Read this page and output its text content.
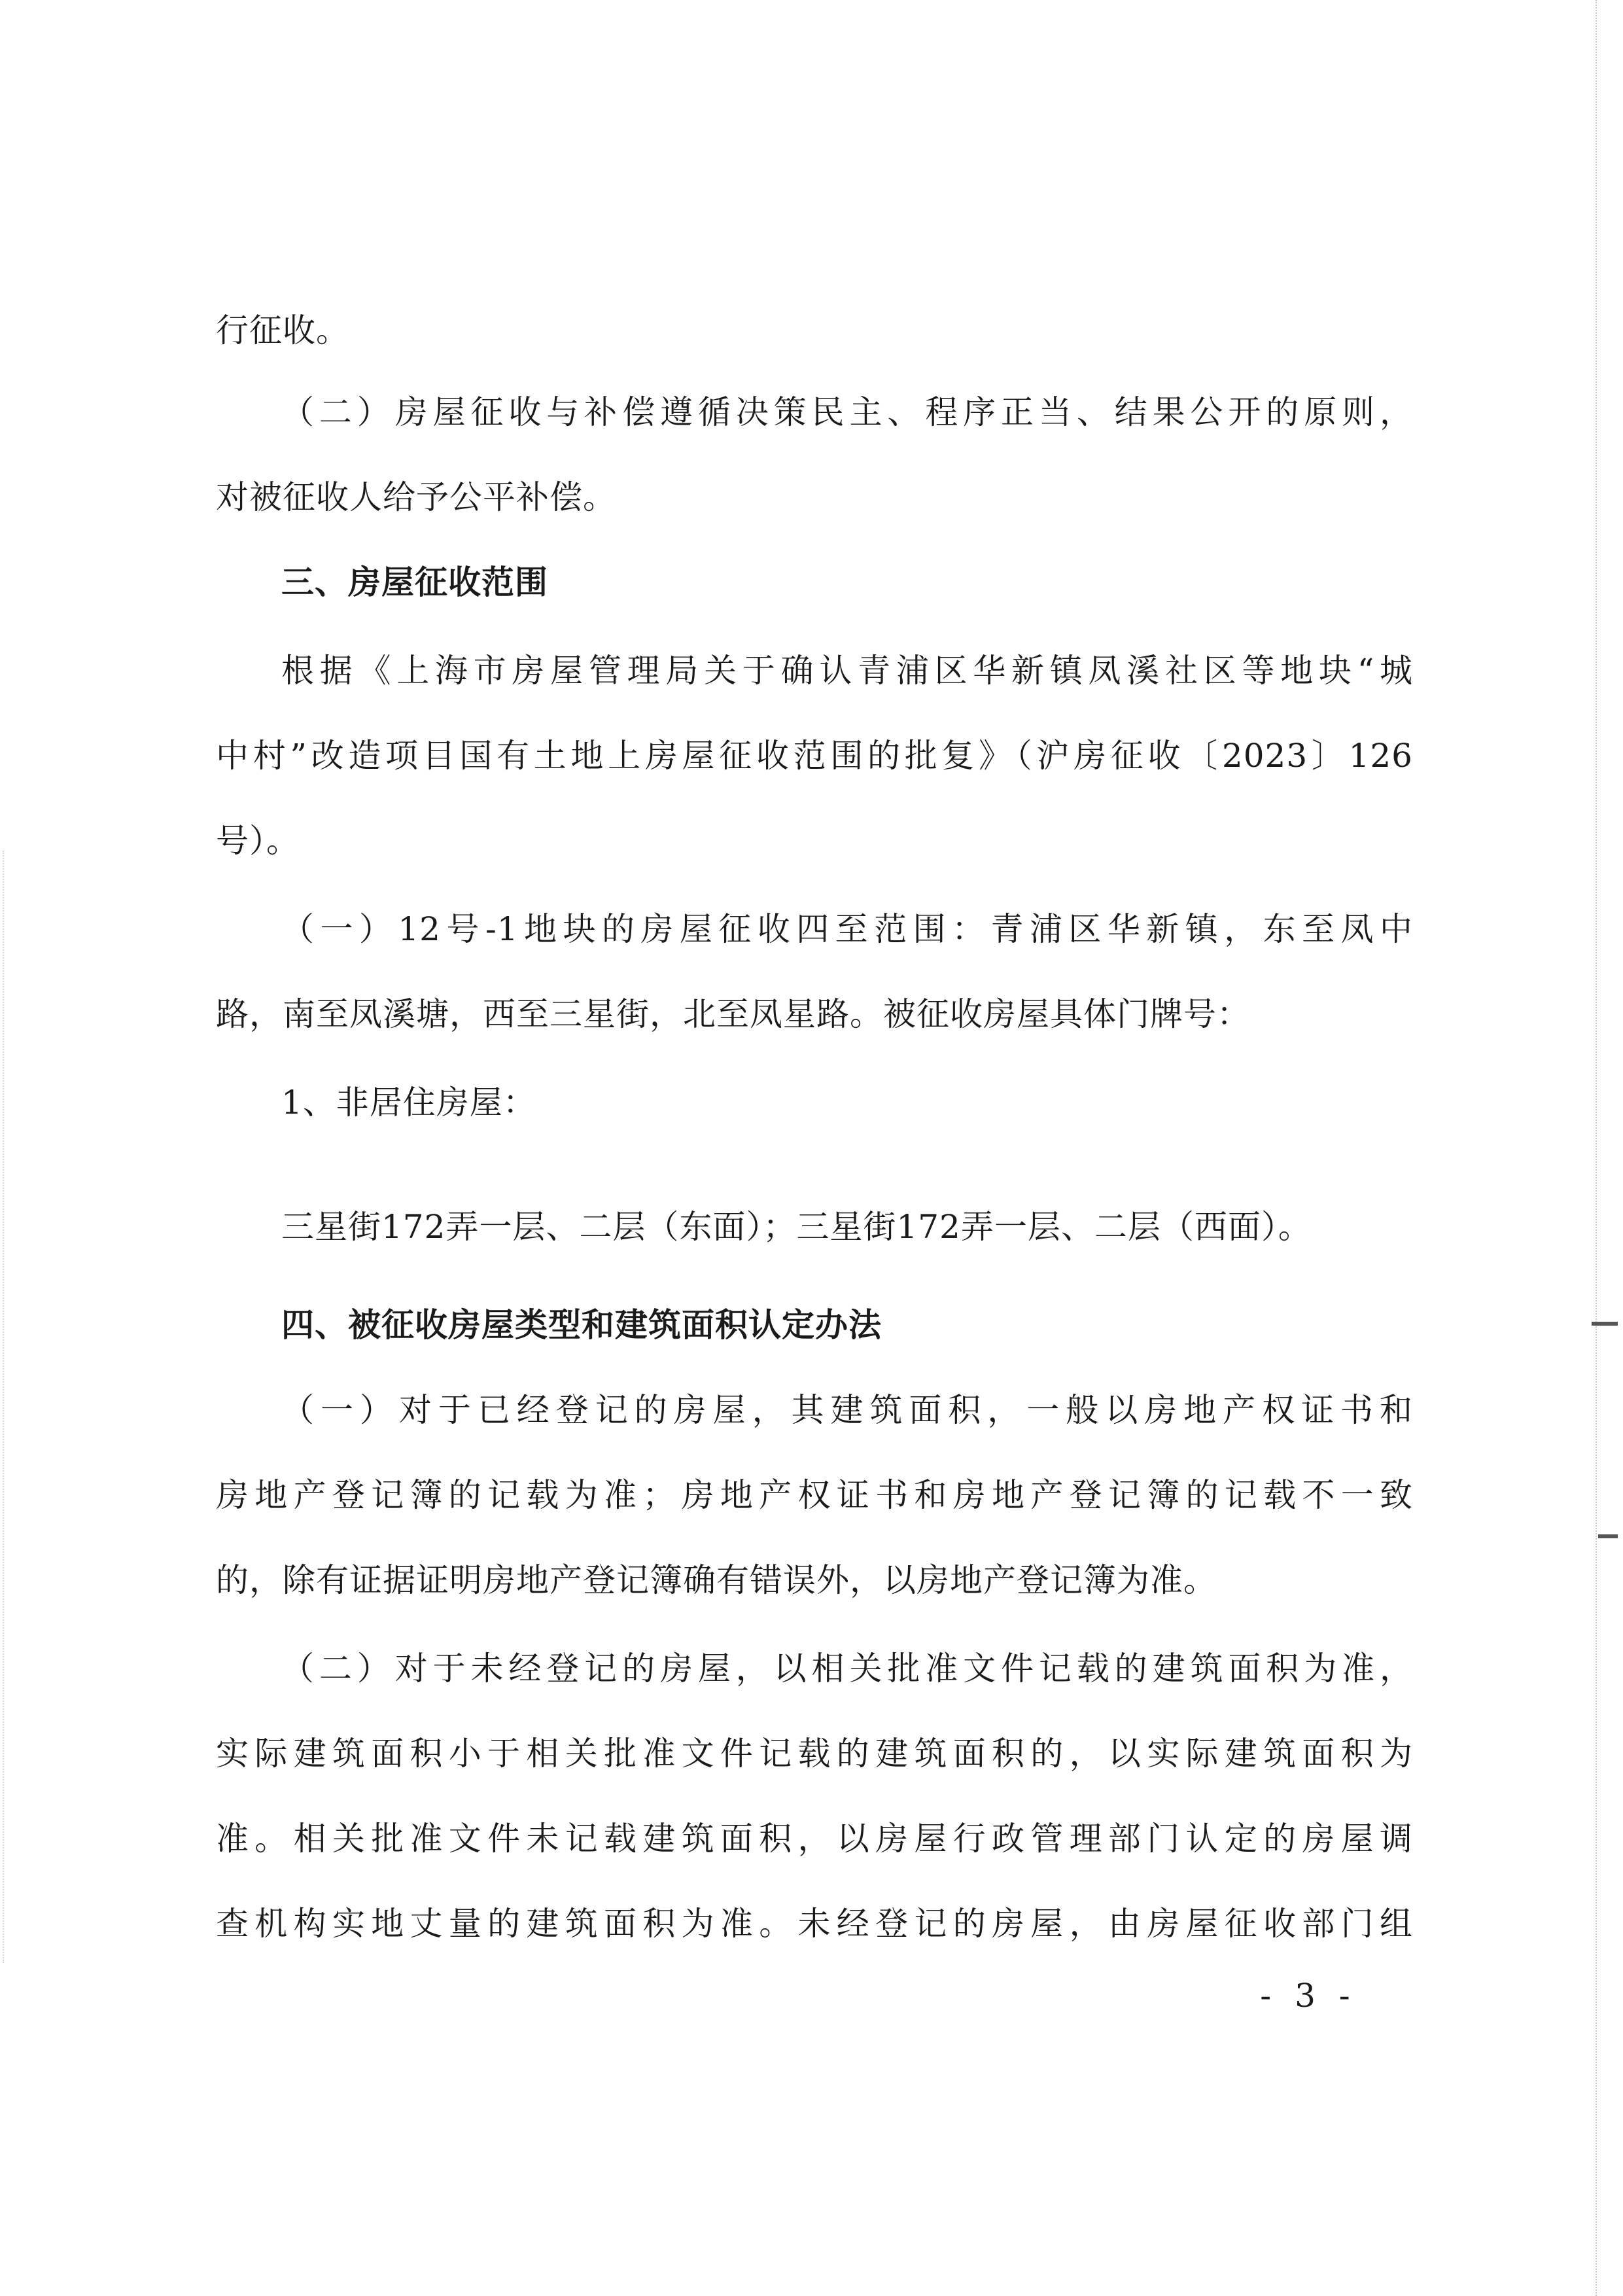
行征收。
（二）房屋征收与补偿遵循决策民主、程序正当、结果公开的原则，
对被征收人给予公平补偿。
三、房屋征收范围
根据《上海市房屋管理局关于确认青浦区华新镇凤溪社区等地块“城
中村”改造项目国有土地上房屋征收范围的批复》（沪房征收〔2023〕126
号）。
（一）12号-1地块的房屋征收四至范围：青浦区华新镇，东至凤中
路，南至凤溪塘，西至三星街，北至凤星路。被征收房屋具体门牌号：
1、非居住房屋：
三星街172弄一层、二层（东面）；三星街172弄一层、二层（西面）。
四、被征收房屋类型和建筑面积认定办法
（一）对于已经登记的房屋，其建筑面积，一般以房地产权证书和
房地产登记簿的记载为准；房地产权证书和房地产登记簿的记载不一致
的，除有证据证明房地产登记簿确有错误外，以房地产登记簿为准。
（二）对于未经登记的房屋，以相关批准文件记载的建筑面积为准，
实际建筑面积小于相关批准文件记载的建筑面积的，以实际建筑面积为
准。相关批准文件未记载建筑面积，以房屋行政管理部门认定的房屋调
查机构实地丈量的建筑面积为准。未经登记的房屋，由房屋征收部门组
- 3 -
